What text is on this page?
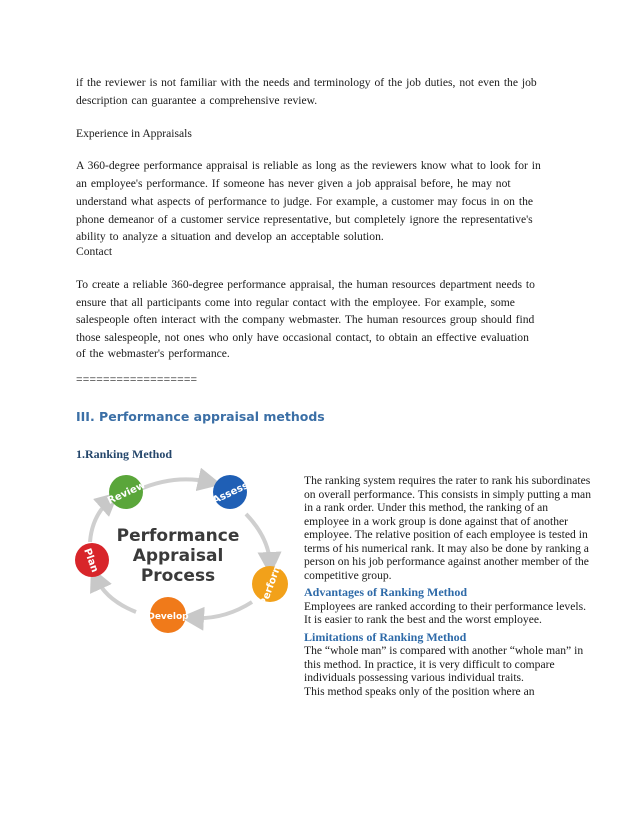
if the reviewer is not familiar with the needs and terminology of the job duties, not even the job
description can guarantee a comprehensive review.
Experience in Appraisals
A 360-degree performance appraisal is reliable as long as the reviewers know what to look for in
an employee's performance. If someone has never given a job appraisal before, he may not
understand what aspects of performance to judge. For example, a customer may focus in on the
phone demeanor of a customer service representative, but completely ignore the representative's
ability to analyze a situation and develop an acceptable solution.
Contact
To create a reliable 360-degree performance appraisal, the human resources department needs to
ensure that all participants come into regular contact with the employee. For example, some
salespeople often interact with the company webmaster. The human resources group should find
those salespeople, not ones who only have occasional contact, to obtain an effective evaluation
of the webmaster's performance.
==================
III. Performance appraisal methods
1.Ranking Method
Review	Assess
Perform
Develop
Plan
Performance
Appraisal
Process

The ranking system requires the rater to rank his subordinates on overall performance. This consists in simply putting a man in a rank order. Under this method, the ranking of an employee in a work group is done against that of another employee. The relative position of each employee is tested in terms of his numerical rank. It may also be done by ranking a person on his job performance against another member of the competitive group.

Advantages of Ranking Method

Employees are ranked according to their performance levels.

It is easier to rank the best and the worst employee.

Limitations of Ranking Method

The “whole man” is compared with another “whole man” in this method. In practice, it is very difficult to compare individuals possessing various individual traits.

This method speaks only of the position where an
